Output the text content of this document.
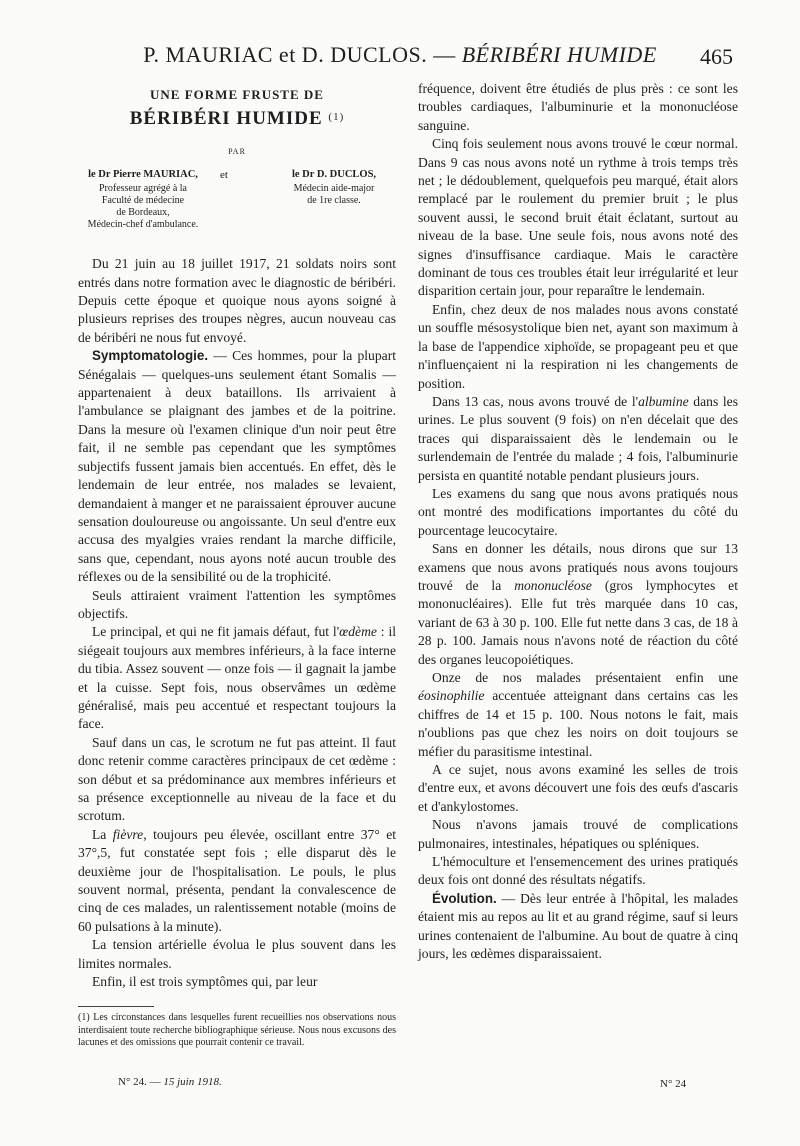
P. MAURIAC et D. DUCLOS. — BÉRIBÉRI HUMIDE 465
UNE FORME FRUSTE DE
BÉRIBÉRI HUMIDE $^{(1)}$
PAR
le Dr Pierre MAURIAC,
Professeur agrégé à la
Faculté de médecine
de Bordeaux,
Médecin-chef d'ambulance.
et	le Dr D. DUCLOS,
Médecin aide-major
de 1re classe.

Du 21 juin au 18 juillet 1917, 21 soldats noirs sont entrés dans notre formation avec le diagnostic de béribéri. Depuis cette époque et quoique nous ayons soigné à plusieurs reprises des troupes nègres, aucun nouveau cas de béribéri ne nous fut envoyé.

Symptomatologie. — Ces hommes, pour la plupart Sénégalais — quelques-uns seulement étant Somalis — appartenaient à deux bataillons. Ils arrivaient à l'ambulance se plaignant des jambes et de la poitrine. Dans la mesure où l'examen clinique d'un noir peut être fait, il ne semble pas cependant que les symptômes subjectifs fussent jamais bien accentués. En effet, dès le lendemain de leur entrée, nos malades se levaient, demandaient à manger et ne paraissaient éprouver aucune sensation douloureuse ou angoissante. Un seul d'entre eux accusa des myalgies vraies rendant la marche difficile, sans que, cependant, nous ayons noté aucun trouble des réflexes ou de la sensibilité ou de la trophicité.

Seuls attiraient vraiment l'attention les symptômes objectifs.

Le principal, et qui ne fit jamais défaut, fut l'œdème : il siégeait toujours aux membres inférieurs, à la face interne du tibia. Assez souvent — onze fois — il gagnait la jambe et la cuisse. Sept fois, nous observâmes un œdème généralisé, mais peu accentué et respectant toujours la face.

Sauf dans un cas, le scrotum ne fut pas atteint. Il faut donc retenir comme caractères principaux de cet œdème : son début et sa prédominance aux membres inférieurs et sa présence exceptionnelle au niveau de la face et du scrotum.

La fièvre, toujours peu élevée, oscillant entre 37° et 37°,5, fut constatée sept fois ; elle disparut dès le deuxième jour de l'hospitalisation. Le pouls, le plus souvent normal, présenta, pendant la convalescence de cinq de ces malades, un ralentissement notable (moins de 60 pulsations à la minute).

La tension artérielle évolua le plus souvent dans les limites normales.

Enfin, il est trois symptômes qui, par leur

(1) Les circonstances dans lesquelles furent recueillies nos observations nous interdisaient toute recherche bibliographique sérieuse. Nous nous excusons des lacunes et des omissions que pourrait contenir ce travail.
N° 24. — 15 juin 1918.	N° 24

fréquence, doivent être étudiés de plus près : ce sont les troubles cardiaques, l'albuminurie et la mononucléose sanguine.

Cinq fois seulement nous avons trouvé le cœur normal. Dans 9 cas nous avons noté un rythme à trois temps très net ; le dédoublement, quelquefois peu marqué, était alors remplacé par le roulement du premier bruit ; le plus souvent aussi, le second bruit était éclatant, surtout au niveau de la base. Une seule fois, nous avons noté des signes d'insuffisance cardiaque. Mais le caractère dominant de tous ces troubles était leur irrégularité et leur disparition certain jour, pour reparaître le lendemain.

Enfin, chez deux de nos malades nous avons constaté un souffle mésosystolique bien net, ayant son maximum à la base de l'appendice xiphoïde, se propageant peu et que n'influençaient ni la respiration ni les changements de position.

Dans 13 cas, nous avons trouvé de l'albumine dans les urines. Le plus souvent (9 fois) on n'en décelait que des traces qui disparaissaient dès le lendemain ou le surlendemain de l'entrée du malade ; 4 fois, l'albuminurie persista en quantité notable pendant plusieurs jours.

Les examens du sang que nous avons pratiqués nous ont montré des modifications importantes du côté du pourcentage leucocytaire.

Sans en donner les détails, nous dirons que sur 13 examens que nous avons pratiqués nous avons toujours trouvé de la mononucléose (gros lymphocytes et mononucléaires). Elle fut très marquée dans 10 cas, variant de 63 à 30 p. 100. Elle fut nette dans 3 cas, de 18 à 28 p. 100. Jamais nous n'avons noté de réaction du côté des organes leucopoiétiques.

Onze de nos malades présentaient enfin une éosinophilie accentuée atteignant dans certains cas les chiffres de 14 et 15 p. 100. Nous notons le fait, mais n'oublions pas que chez les noirs on doit toujours se méfier du parasitisme intestinal.

A ce sujet, nous avons examiné les selles de trois d'entre eux, et avons découvert une fois des œufs d'ascaris et d'ankylostomes.

Nous n'avons jamais trouvé de complications pulmonaires, intestinales, hépatiques ou spléniques.

L'hémoculture et l'ensemencement des urines pratiqués deux fois ont donné des résultats négatifs.

Évolution. — Dès leur entrée à l'hôpital, les malades étaient mis au repos au lit et au grand régime, sauf si leurs urines contenaient de l'albumine. Au bout de quatre à cinq jours, les œdèmes disparaissaient.
